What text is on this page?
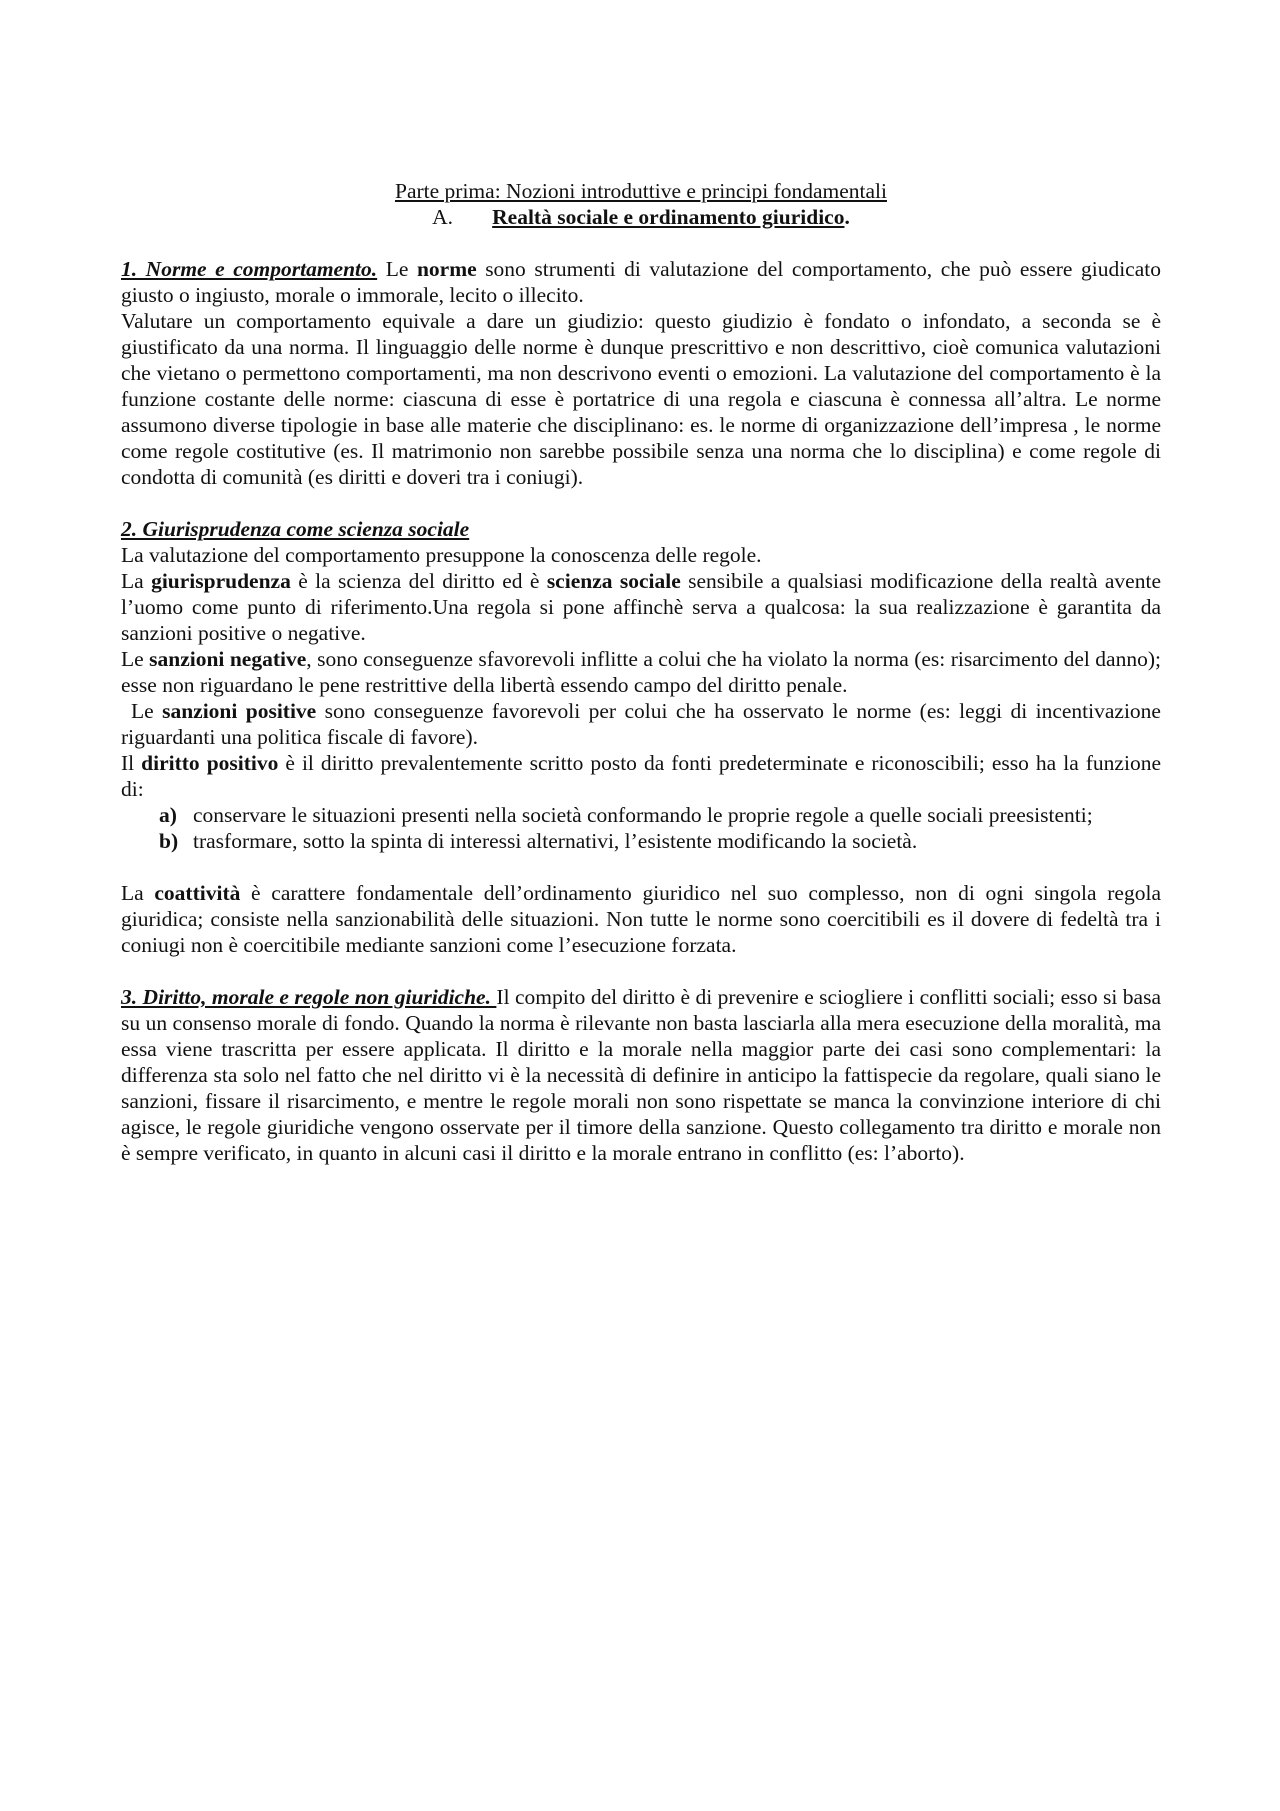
Parte prima: Nozioni introduttive e principi fondamentali
A. Realtà sociale e ordinamento giuridico.

1. Norme e comportamento. Le norme sono strumenti di valutazione del comportamento, che può essere giudicato giusto o ingiusto, morale o immorale, lecito o illecito.

Valutare un comportamento equivale a dare un giudizio: questo giudizio è fondato o infondato, a seconda se è giustificato da una norma. Il linguaggio delle norme è dunque prescrittivo e non descrittivo, cioè comunica valutazioni che vietano o permettono comportamenti, ma non descrivono eventi o emozioni. La valutazione del comportamento è la funzione costante delle norme: ciascuna di esse è portatrice di una regola e ciascuna è connessa all’altra. Le norme assumono diverse tipologie in base alle materie che disciplinano: es. le norme di organizzazione dell’impresa , le norme come regole costitutive (es. Il matrimonio non sarebbe possibile senza una norma che lo disciplina) e come regole di condotta di comunità (es diritti e doveri tra i coniugi).

2. Giurisprudenza come scienza sociale

La valutazione del comportamento presuppone la conoscenza delle regole.

La giurisprudenza è la scienza del diritto ed è scienza sociale sensibile a qualsiasi modificazione della realtà avente l’uomo come punto di riferimento.Una regola si pone affinchè serva a qualcosa: la sua realizzazione è garantita da sanzioni positive o negative.

Le sanzioni negative, sono conseguenze sfavorevoli inflitte a colui che ha violato la norma (es: risarcimento del danno); esse non riguardano le pene restrittive della libertà essendo campo del diritto penale.

Le sanzioni positive sono conseguenze favorevoli per colui che ha osservato le norme (es: leggi di incentivazione riguardanti una politica fiscale di favore).

Il diritto positivo è il diritto prevalentemente scritto posto da fonti predeterminate e riconoscibili; esso ha la funzione di:

a) conservare le situazioni presenti nella società conformando le proprie regole a quelle sociali preesistenti;
b) trasformare, sotto la spinta di interessi alternativi, l’esistente modificando la società.

La coattività è carattere fondamentale dell’ordinamento giuridico nel suo complesso, non di ogni singola regola giuridica; consiste nella sanzionabilità delle situazioni. Non tutte le norme sono coercitibili es il dovere di fedeltà tra i coniugi non è coercitibile mediante sanzioni come l’esecuzione forzata.

3. Diritto, morale e regole non giuridiche. Il compito del diritto è di prevenire e sciogliere i conflitti sociali; esso si basa su un consenso morale di fondo. Quando la norma è rilevante non basta lasciarla alla mera esecuzione della moralità, ma essa viene trascritta per essere applicata. Il diritto e la morale nella maggior parte dei casi sono complementari: la differenza sta solo nel fatto che nel diritto vi è la necessità di definire in anticipo la fattispecie da regolare, quali siano le sanzioni, fissare il risarcimento, e mentre le regole morali non sono rispettate se manca la convinzione interiore di chi agisce, le regole giuridiche vengono osservate per il timore della sanzione. Questo collegamento tra diritto e morale non è sempre verificato, in quanto in alcuni casi il diritto e la morale entrano in conflitto (es: l’aborto).
